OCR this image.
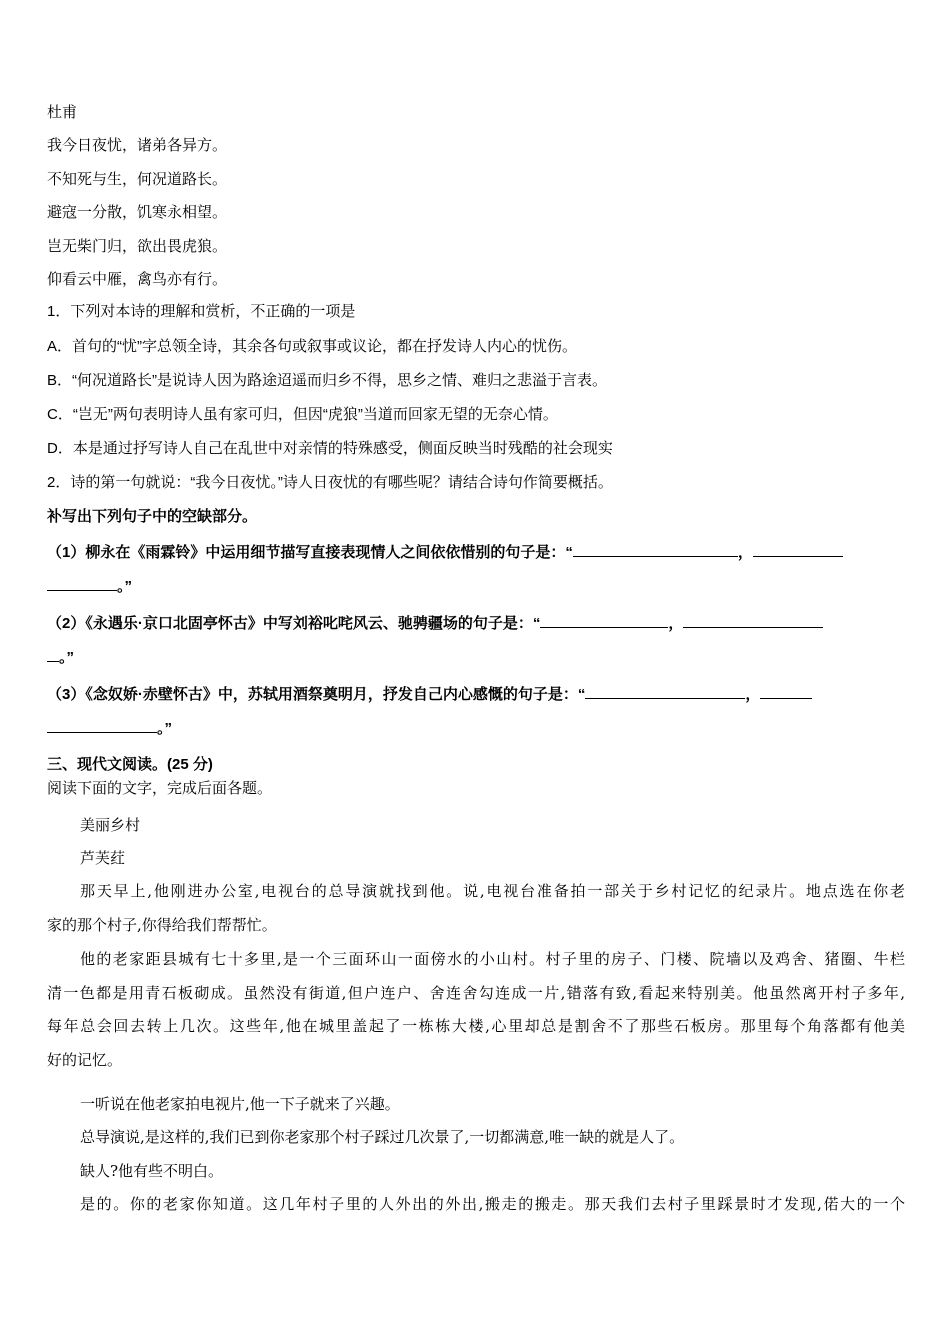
杜甫
我今日夜忧，诸弟各异方。
不知死与生，何况道路长。
避寇一分散，饥寒永相望。
岂无柴门归，欲出畏虎狼。
仰看云中雁，禽鸟亦有行。
1．下列对本诗的理解和赏析，不正确的一项是
A．首句的“忧”字总领全诗，其余各句或叙事或议论，都在抒发诗人内心的忧伤。
B．“何况道路长”是说诗人因为路途迢遥而归乡不得，思乡之情、难归之悲溢于言表。
C．“岂无”两句表明诗人虽有家可归，但因“虎狼”当道而回家无望的无奈心情。
D．本是通过抒写诗人自己在乱世中对亲情的特殊感受，侧面反映当时残酷的社会现实
2．诗的第一句就说：“我今日夜忧。”诗人日夜忧的有哪些呢？请结合诗句作简要概括。
补写出下列句子中的空缺部分。
（1）柳永在《雨霖铃》中运用细节描写直接表现情人之间依依惜别的句子是：“	，
。”
（2）《永遇乐·京口北固亭怀古》中写刘裕叱咤风云、驰骋疆场的句子是：“	，
。”
（3）《念奴娇·赤壁怀古》中，苏轼用酒祭奠明月，抒发自己内心感慨的句子是：“	，
。”
三、现代文阅读。(25 分)
阅读下面的文字，完成后面各题。
美丽乡村
芦芙荭
那天早上,他刚进办公室,电视台的总导演就找到他。说,电视台准备拍一部关于乡村记忆的纪录片。地点选在你老
家的那个村子,你得给我们帮帮忙。
他的老家距县城有七十多里,是一个三面环山一面傍水的小山村。村子里的房子、门楼、院墙以及鸡舍、猪圈、牛栏
清一色都是用青石板砌成。虽然没有街道,但户连户、舍连舍勾连成一片,错落有致,看起来特别美。他虽然离开村子多年,
每年总会回去转上几次。这些年,他在城里盖起了一栋栋大楼,心里却总是割舍不了那些石板房。那里每个角落都有他美
好的记忆。
一听说在他老家拍电视片,他一下子就来了兴趣。
总导演说,是这样的,我们已到你老家那个村子踩过几次景了,一切都满意,唯一缺的就是人了。
缺人?他有些不明白。
是的。你的老家你知道。这几年村子里的人外出的外出,搬走的搬走。那天我们去村子里踩景时才发现,偌大的一个
